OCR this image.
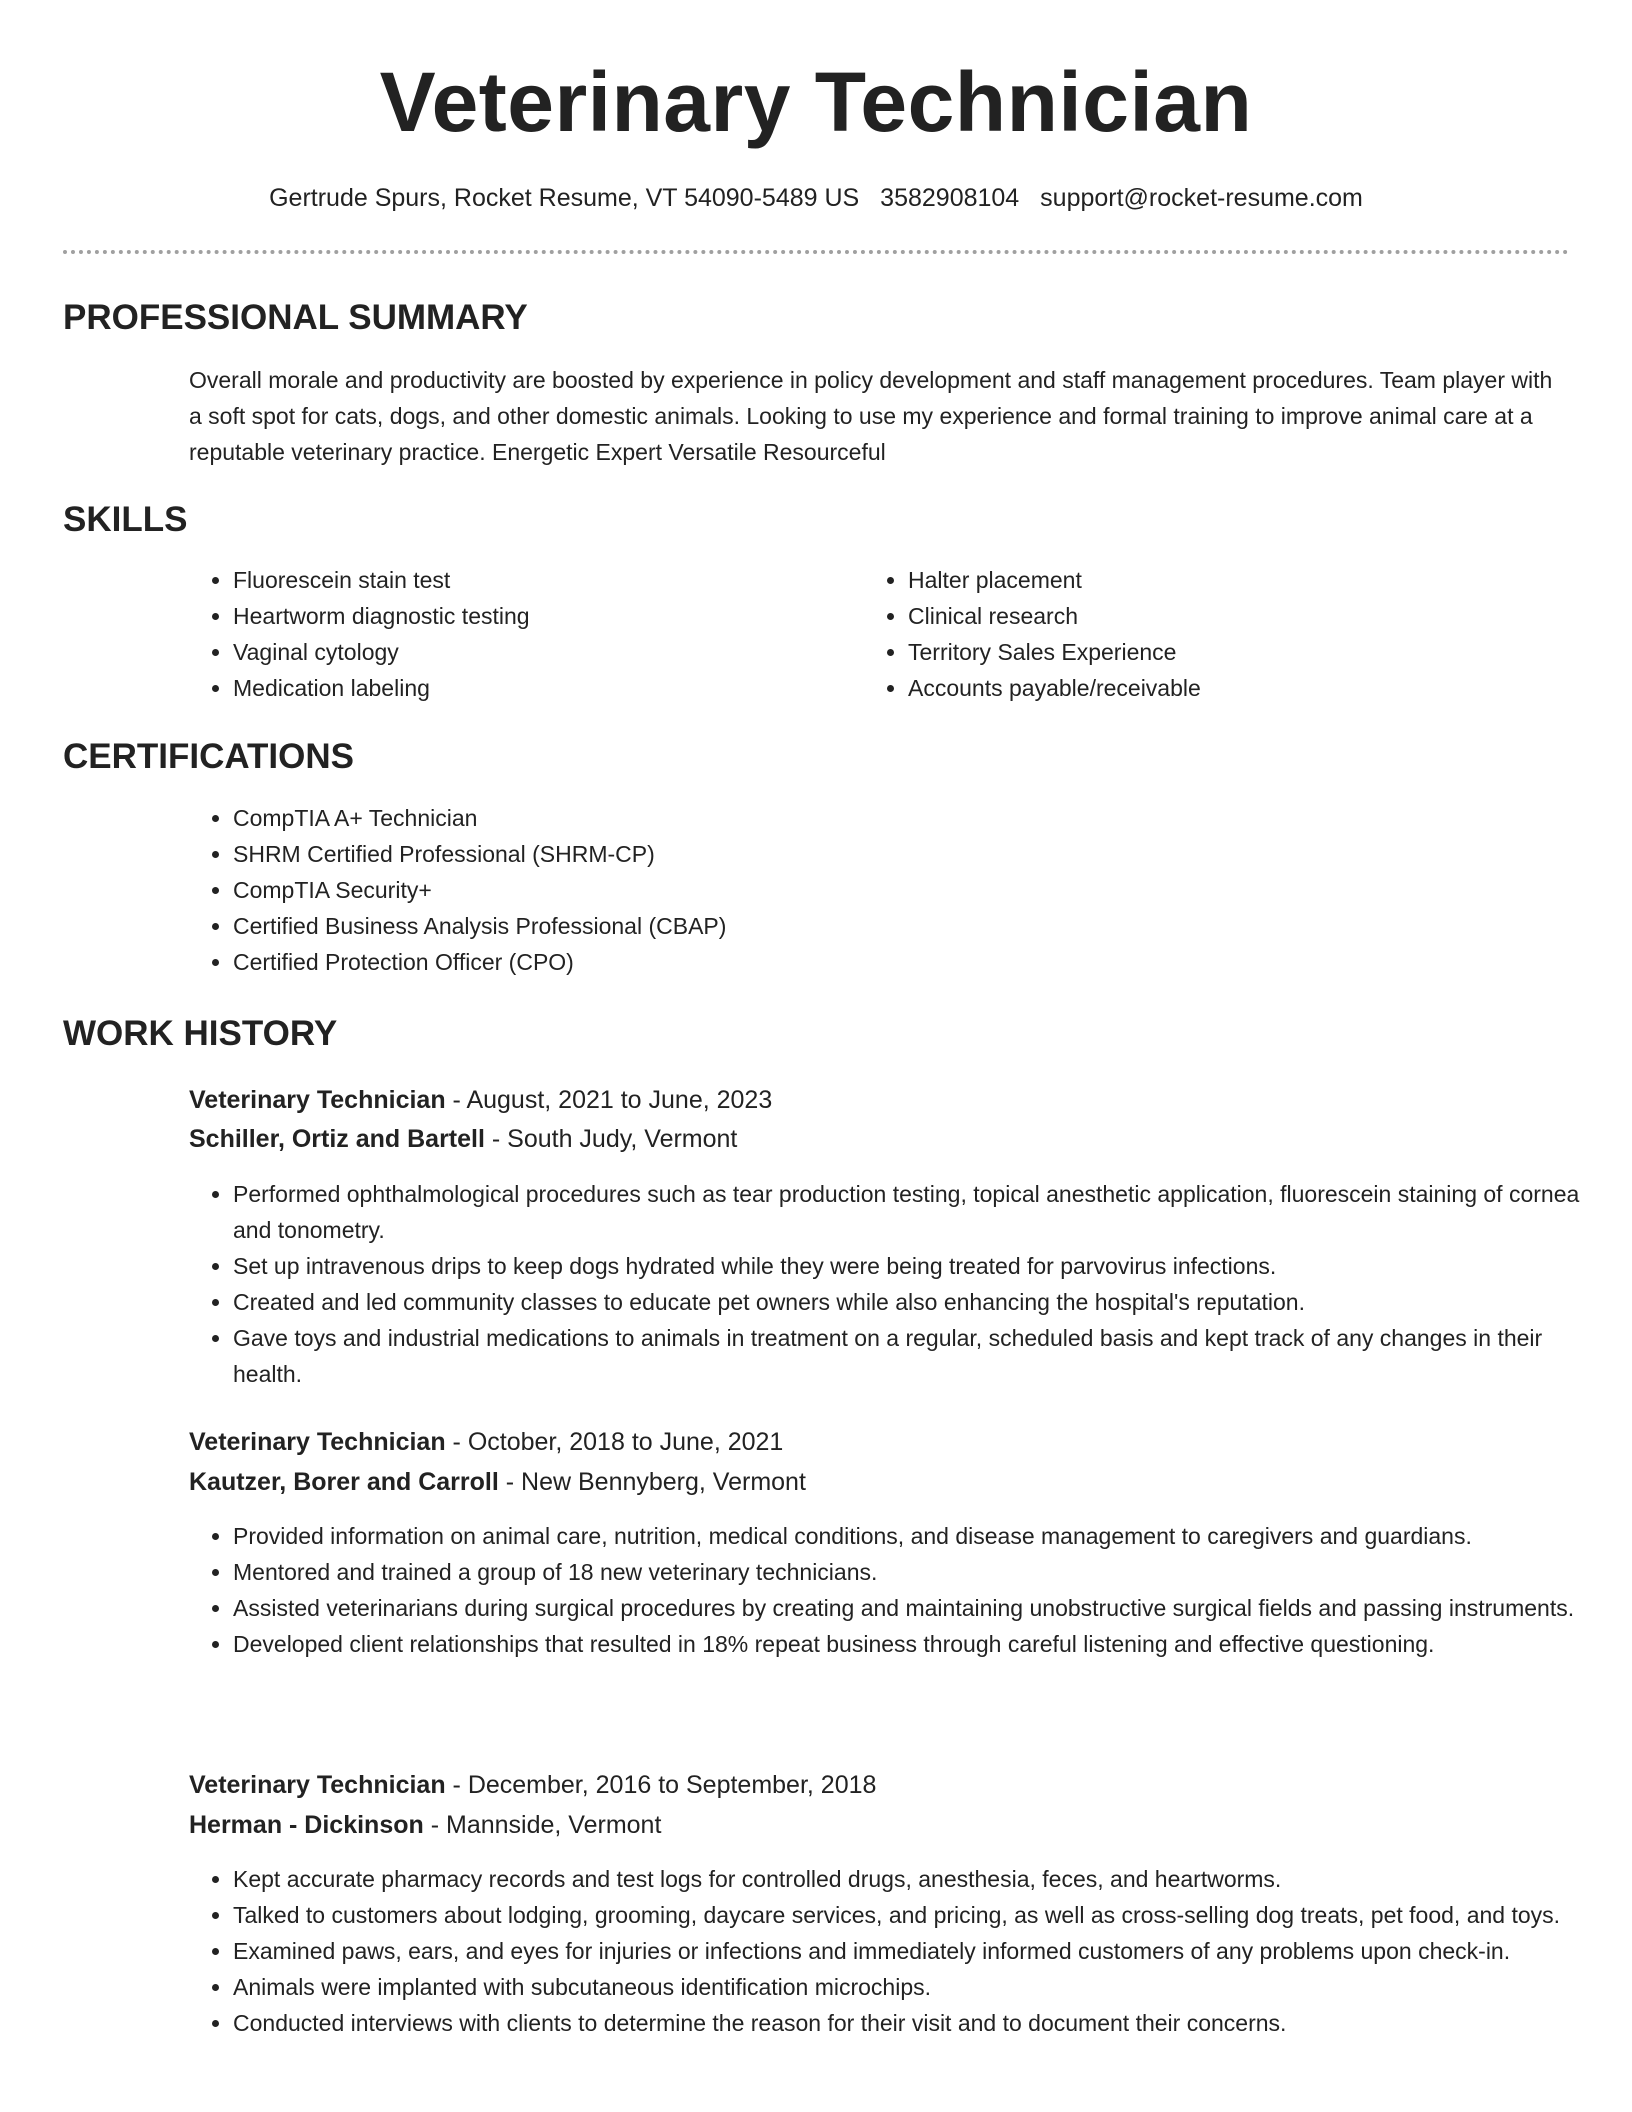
Veterinary Technician
Gertrude Spurs, Rocket Resume, VT 54090-5489 US 3582908104 support@rocket-resume.com
PROFESSIONAL SUMMARY

Overall morale and productivity are boosted by experience in policy development and staff management procedures. Team player with a soft spot for cats, dogs, and other domestic animals. Looking to use my experience and formal training to improve animal care at a reputable veterinary practice. Energetic Expert Versatile Resourceful

SKILLS
• Fluorescein stain test
• Heartworm diagnostic testing
• Vaginal cytology
• Medication labeling
• Halter placement
• Clinical research
• Territory Sales Experience
• Accounts payable/receivable
CERTIFICATIONS
• CompTIA A+ Technician
• SHRM Certified Professional (SHRM-CP)
• CompTIA Security+
• Certified Business Analysis Professional (CBAP)
• Certified Protection Officer (CPO)
WORK HISTORY
Veterinary Technician - August, 2021 to June, 2023
Schiller, Ortiz and Bartell - South Judy, Vermont
• Performed ophthalmological procedures such as tear production testing, topical anesthetic application, fluorescein staining of cornea and tonometry.
• Set up intravenous drips to keep dogs hydrated while they were being treated for parvovirus infections.
• Created and led community classes to educate pet owners while also enhancing the hospital's reputation.
• Gave toys and industrial medications to animals in treatment on a regular, scheduled basis and kept track of any changes in their health.
Veterinary Technician - October, 2018 to June, 2021
Kautzer, Borer and Carroll - New Bennyberg, Vermont
• Provided information on animal care, nutrition, medical conditions, and disease management to caregivers and guardians.
• Mentored and trained a group of 18 new veterinary technicians.
• Assisted veterinarians during surgical procedures by creating and maintaining unobstructive surgical fields and passing instruments.
• Developed client relationships that resulted in 18% repeat business through careful listening and effective questioning.
Veterinary Technician - December, 2016 to September, 2018
Herman - Dickinson - Mannside, Vermont
• Kept accurate pharmacy records and test logs for controlled drugs, anesthesia, feces, and heartworms.
• Talked to customers about lodging, grooming, daycare services, and pricing, as well as cross-selling dog treats, pet food, and toys.
• Examined paws, ears, and eyes for injuries or infections and immediately informed customers of any problems upon check-in.
• Animals were implanted with subcutaneous identification microchips.
• Conducted interviews with clients to determine the reason for their visit and to document their concerns.
